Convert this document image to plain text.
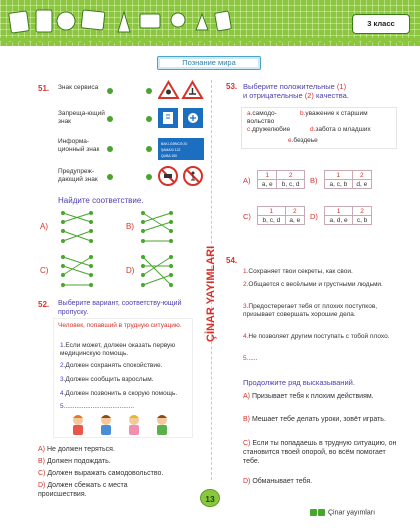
3 класс
Познание мира
ÇİNAR YAYIMLARI
51. Знак сервиса
Запреща-ющий знак
Информа-ционный знак
Предупреж-дающий знак
BAKI-GƏNCƏ 20
ŞAMAXI 122
QUBA 150
Найдите соответствие.
A)	B)
C)	D)
52. Выберите вариант, соответству-ющий пропуску.
Человек, попавший в трудную ситуацию.
1.Если может, должен оказать первую медицинскую помощь.
2.Должен сохранять спокойствие.
3.Должен сообщить взрослым.
4.Должен позвонить в скорую помощь.
5.......................................
A) Не должен теряться.
B) Должен подождать.
C) Должен выражать самодовольство.
D) Должен сбежать с места происшествия.
53. Выберите положительные (1)
и отрицательные (2) качества.
a.самодо-вольство
b.уважение к старшим
c.дружелюбие	d.забота о младших
e.бездеье
A)
1	2
a, e	b, c, d B)
1	2
a, c, b	d, e
C)
1	2
b, c, d	a, e D)
1	2
a, d, e	c, b
54.
1.Сохраняет твои секреты, как свои.
2.Общается с весёлыми и грустными людьми.
3.Предостерегает тебя от плохих поступков, призывает совершать хорошие дела.
4.Не позволяет другим поступать с тобой плохо.
5......
Продолжите ряд высказываний.
A) Призывает тебя к плохим действиям.
B) Мешает тебе делать уроки, зовёт играть.
C) Если ты попадаешь в трудную ситуацию, он становится твоей опорой, во всём помогает тебе.
D) Обманывает тебя.
13
Çinar yayımları
